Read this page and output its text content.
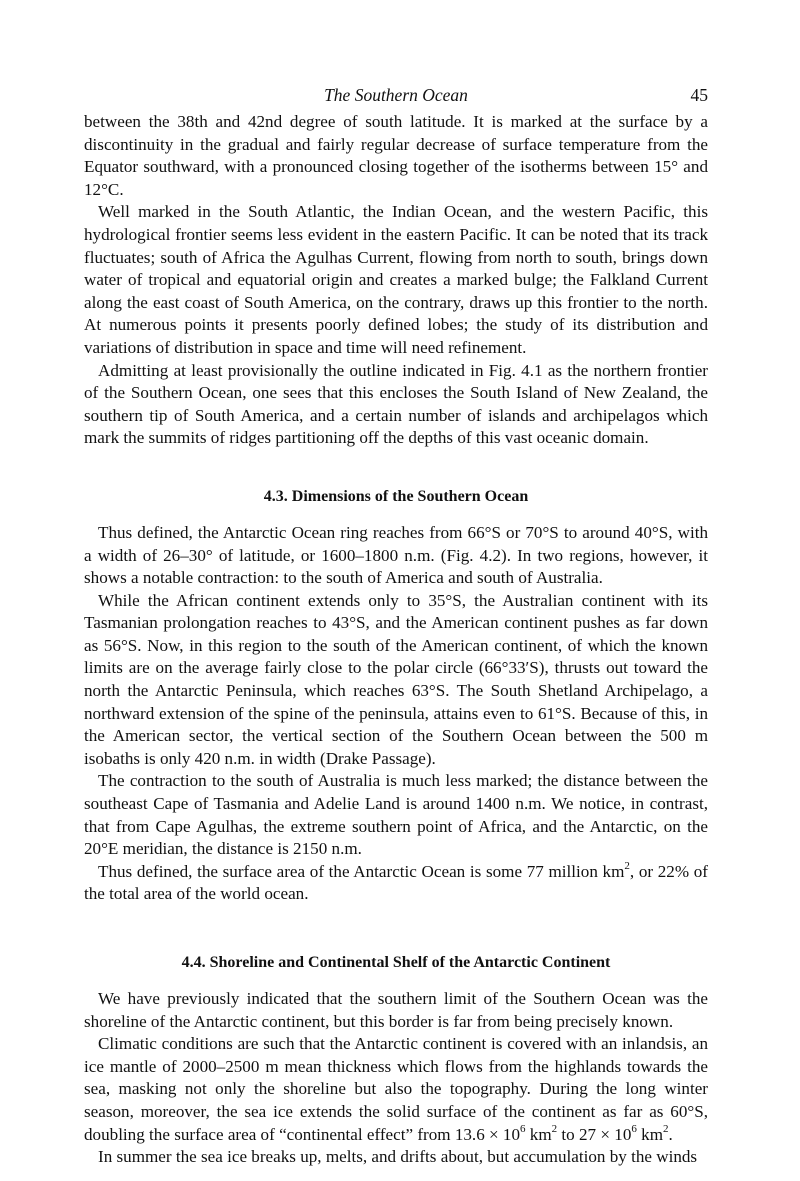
The Southern Ocean	45

between the 38th and 42nd degree of south latitude. It is marked at the surface by a discontinuity in the gradual and fairly regular decrease of surface temperature from the Equator southward, with a pronounced closing together of the isotherms between 15° and 12°C.

Well marked in the South Atlantic, the Indian Ocean, and the western Pacific, this hydrological frontier seems less evident in the eastern Pacific. It can be noted that its track fluctuates; south of Africa the Agulhas Current, flowing from north to south, brings down water of tropical and equatorial origin and creates a marked bulge; the Falkland Current along the east coast of South America, on the contrary, draws up this frontier to the north. At numerous points it presents poorly defined lobes; the study of its distribution and variations of distribution in space and time will need refinement.

Admitting at least provisionally the outline indicated in Fig. 4.1 as the northern frontier of the Southern Ocean, one sees that this encloses the South Island of New Zealand, the southern tip of South America, and a certain number of islands and archipelagos which mark the summits of ridges partitioning off the depths of this vast oceanic domain.

4.3. Dimensions of the Southern Ocean

Thus defined, the Antarctic Ocean ring reaches from 66°S or 70°S to around 40°S, with a width of 26–30° of latitude, or 1600–1800 n.m. (Fig. 4.2). In two regions, however, it shows a notable contraction: to the south of America and south of Australia.

While the African continent extends only to 35°S, the Australian continent with its Tasmanian prolongation reaches to 43°S, and the American continent pushes as far down as 56°S. Now, in this region to the south of the American continent, of which the known limits are on the average fairly close to the polar circle (66°33′S), thrusts out toward the north the Antarctic Peninsula, which reaches 63°S. The South Shetland Archipelago, a northward extension of the spine of the peninsula, attains even to 61°S. Because of this, in the American sector, the vertical section of the Southern Ocean between the 500 m isobaths is only 420 n.m. in width (Drake Passage).

The contraction to the south of Australia is much less marked; the distance between the southeast Cape of Tasmania and Adelie Land is around 1400 n.m. We notice, in contrast, that from Cape Agulhas, the extreme southern point of Africa, and the Antarctic, on the 20°E meridian, the distance is 2150 n.m.

Thus defined, the surface area of the Antarctic Ocean is some 77 million $km^2$, or 22% of the total area of the world ocean.

4.4. Shoreline and Continental Shelf of the Antarctic Continent

We have previously indicated that the southern limit of the Southern Ocean was the shoreline of the Antarctic continent, but this border is far from being precisely known.

Climatic conditions are such that the Antarctic continent is covered with an inlandsis, an ice mantle of 2000–2500 m mean thickness which flows from the highlands towards the sea, masking not only the shoreline but also the topography. During the long winter season, moreover, the sea ice extends the solid surface of the continent as far as 60°S, doubling the surface area of “continental effect” from $13.6 \times 10^6$ $km^2$ to $27 \times 10^6$ $km^2$.

In summer the sea ice breaks up, melts, and drifts about, but accumulation by the winds
